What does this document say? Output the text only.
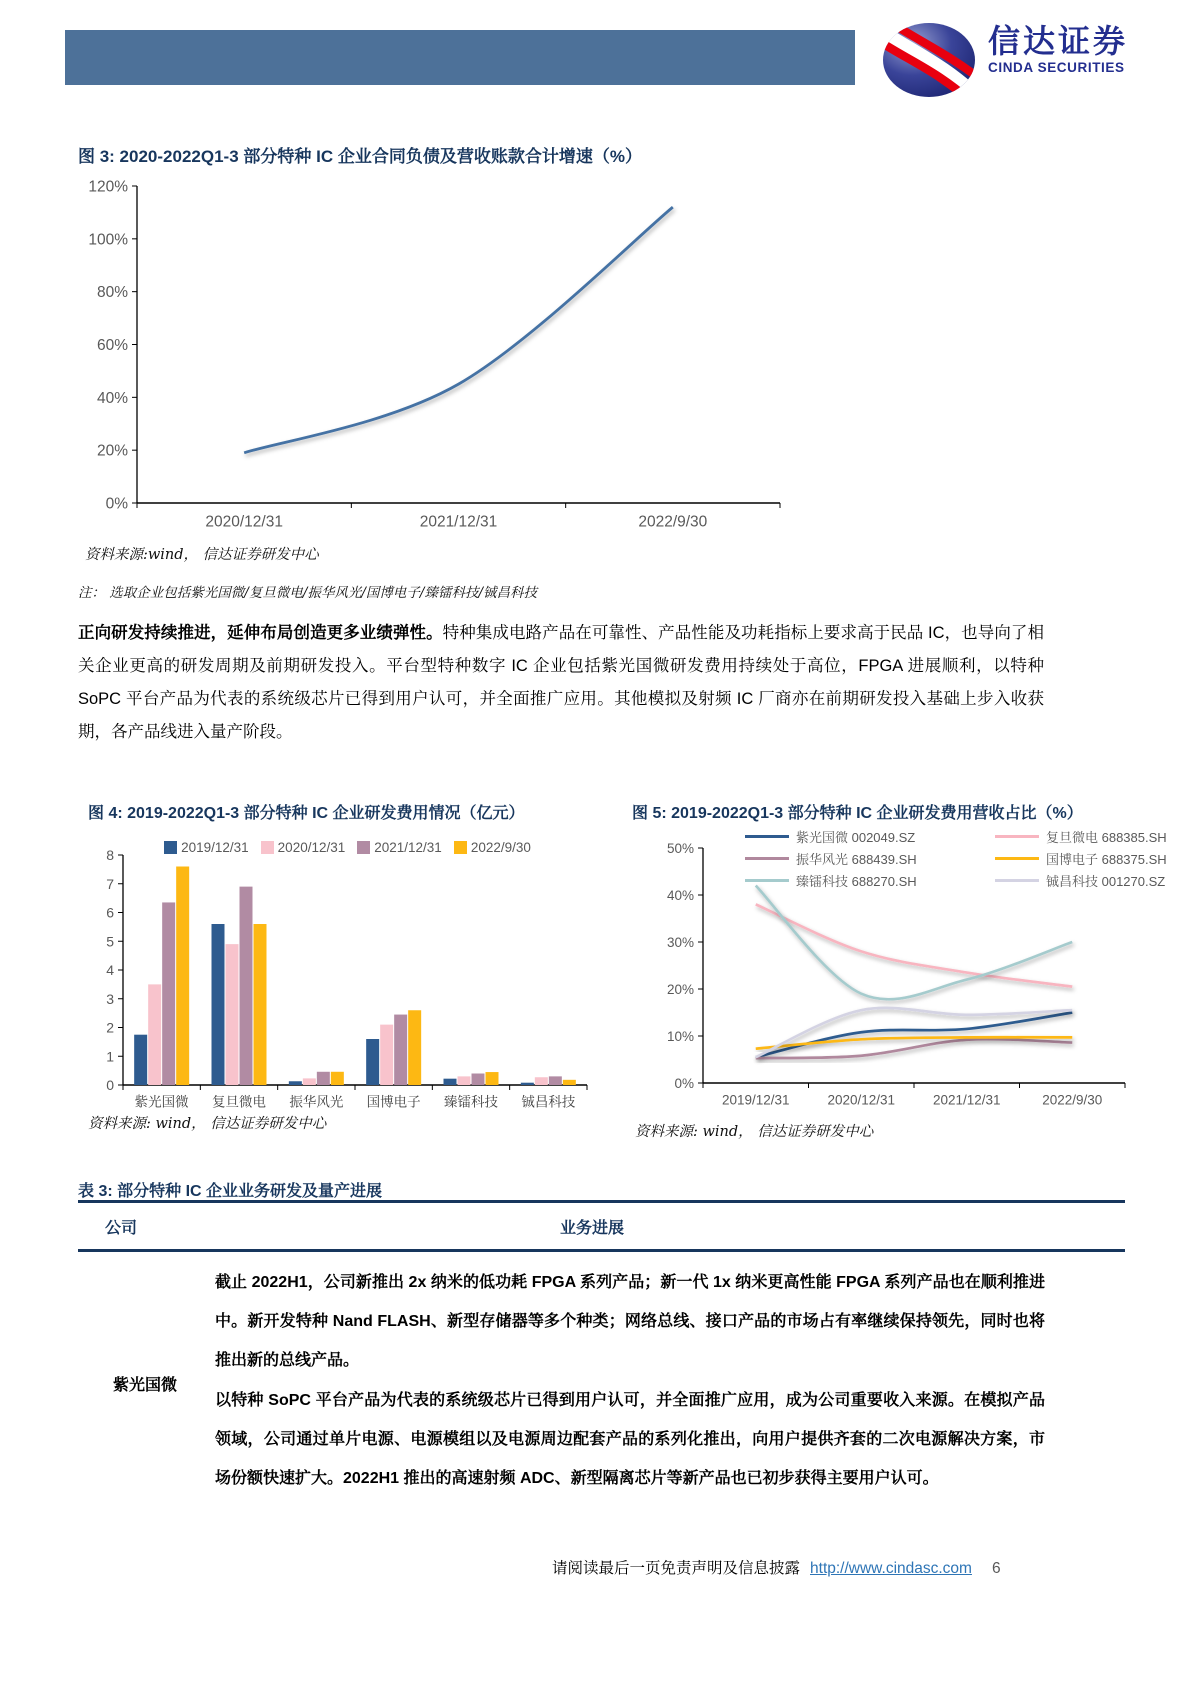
信达证券
CINDA SECURITIES
图 3: 2020-2022Q1-3 部分特种 IC 企业合同负债及营收账款合计增速（%）
0%
20%
40%
60%
80%
100%
120%
2020/12/31	2021/12/31	2022/9/30
资料来源:wind， 信达证券研发中心
注： 选取企业包括紫光国微/复旦微电/振华风光/国博电子/臻镭科技/铖昌科技

正向研发持续推进，延伸布局创造更多业绩弹性。特种集成电路产品在可靠性、产品性能及功耗指标上要求高于民品 IC，也导向了相关企业更高的研发周期及前期研发投入。平台型特种数字 IC 企业包括紫光国微研发费用持续处于高位，FPGA 进展顺利，以特种 SoPC 平台产品为代表的系统级芯片已得到用户认可，并全面推广应用。其他模拟及射频 IC 厂商亦在前期研发投入基础上步入收获期，各产品线进入量产阶段。

图 4: 2019-2022Q1-3 部分特种 IC 企业研发费用情况（亿元）
2019/12/31	2020/12/31	2021/12/31	2022/9/30
0
1
2
3
4
5
6
7
8
紫光国微 复旦微电 振华风光 国博电子 臻镭科技 铖昌科技
资料来源: wind， 信达证券研发中心
图 5: 2019-2022Q1-3 部分特种 IC 企业研发费用营收占比（%）
紫光国微 002049.SZ	复旦微电 688385.SH
振华风光 688439.SH	国博电子 688375.SH
臻镭科技 688270.SH	铖昌科技 001270.SZ
0%
10%
20%
30%
40%
50%
2019/12/31	2020/12/31	2021/12/31	2022/9/30
资料来源: wind， 信达证券研发中心
表 3: 部分特种 IC 企业业务研发及量产进展
公司	业务进展
紫光国微
截止 2022H1，公司新推出 2x 纳米的低功耗 FPGA 系列产品；新一代 1x 纳米更高性能 FPGA 系列产品也在顺利推进中。新开发特种 Nand FLASH、新型存储器等多个种类；网络总线、接口产品的市场占有率继续保持领先，同时也将推出新的总线产品。
以特种 SoPC 平台产品为代表的系统级芯片已得到用户认可，并全面推广应用，成为公司重要收入来源。在模拟产品领域，公司通过单片电源、电源模组以及电源周边配套产品的系列化推出，向用户提供齐套的二次电源解决方案，市场份额快速扩大。2022H1 推出的高速射频 ADC、新型隔离芯片等新产品也已初步获得主要用户认可。
请阅读最后一页免责声明及信息披露 http://www.cindasc.com 6
